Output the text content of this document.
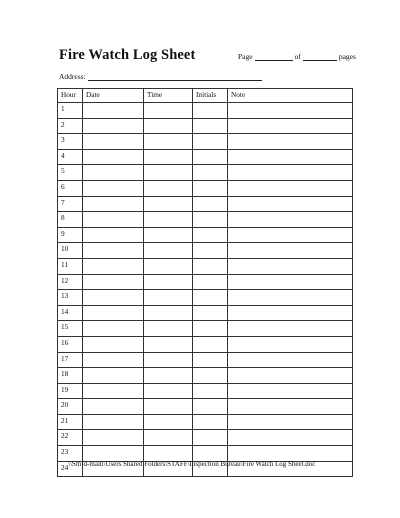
Fire Watch Log Sheet	Page	of	pages
Address:
Hour	Date	Time	Initials	Note
1				
2				
3				
4				
5				
6				
7				
8				
9				
10				
11				
12				
13				
14				
15				
16				
17				
18				
19				
20				
21				
22				
23				
24				\\Smfd-main\Users Shared Folders\STAFF\Inspection Bureau\Fire Watch Log Sheet.doc
